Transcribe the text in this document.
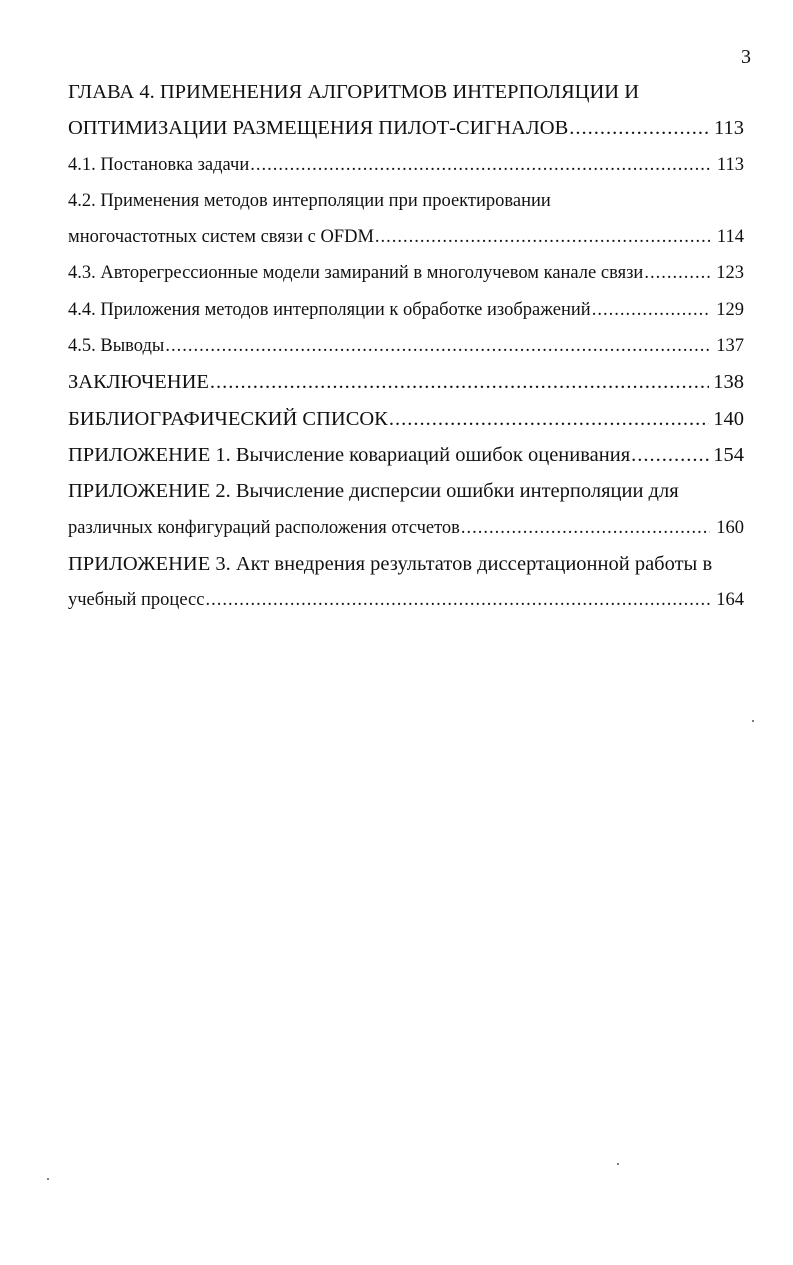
3
ГЛАВА 4. ПРИМЕНЕНИЯ АЛГОРИТМОВ ИНТЕРПОЛЯЦИИ И
ОПТИМИЗАЦИИ РАЗМЕЩЕНИЯ ПИЛОТ-СИГНАЛОВ .....	113
4.1. Постановка задачи .....	113
4.2. Применения методов интерполяции при проектировании
многочастотных систем связи с OFDM .....	114
4.3. Авторегрессионные модели замираний в многолучевом канале связи .....	123
4.4. Приложения методов интерполяции к обработке изображений .....	129
4.5. Выводы .....	137
ЗАКЛЮЧЕНИЕ .....	138
БИБЛИОГРАФИЧЕСКИЙ СПИСОК .....	140
ПРИЛОЖЕНИЕ 1. Вычисление ковариаций ошибок оценивания .....	154
ПРИЛОЖЕНИЕ 2. Вычисление дисперсии ошибки интерполяции для
различных конфигураций расположения отсчетов .....	160
ПРИЛОЖЕНИЕ 3. Акт внедрения результатов диссертационной работы в
учебный процесс .....	164
